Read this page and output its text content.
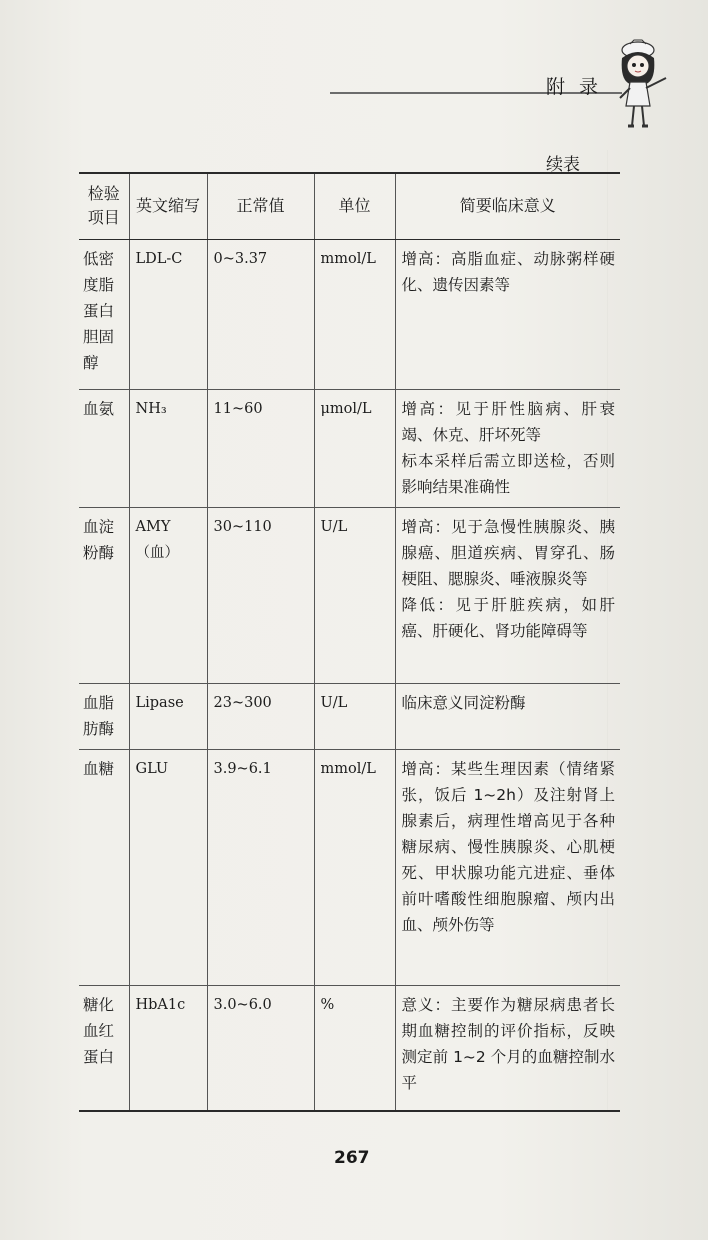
附录
续表
检验项目	英文缩写	正常值	单位	简要临床意义
低密度脂蛋白胆固醇	LDL-C	0~3.37	mmol/L	增高：高脂血症、动脉粥样硬化、遗传因素等
血氨	NH₃	11~60	μmol/L	增高：见于肝性脑病、肝衰竭、休克、肝坏死等
标本采样后需立即送检，否则影响结果准确性

血淀粉酶	AMY（血）	30~110	U/L	增高：见于急慢性胰腺炎、胰腺癌、胆道疾病、胃穿孔、肠梗阻、腮腺炎、唾液腺炎等
降低：见于肝脏疾病，如肝癌、肝硬化、肾功能障碍等

血脂肪酶	Lipase	23~300	U/L	临床意义同淀粉酶
血糖	GLU	3.9~6.1	mmol/L	增高：某些生理因素（情绪紧张，饭后 1~2h）及注射肾上腺素后，病理性增高见于各种糖尿病、慢性胰腺炎、心肌梗死、甲状腺功能亢进症、垂体前叶嗜酸性细胞腺瘤、颅内出血、颅外伤等
糖化血红蛋白	HbA1c	3.0~6.0	%	意义：主要作为糖尿病患者长期血糖控制的评价指标，反映测定前 1~2 个月的血糖控制水平
267
